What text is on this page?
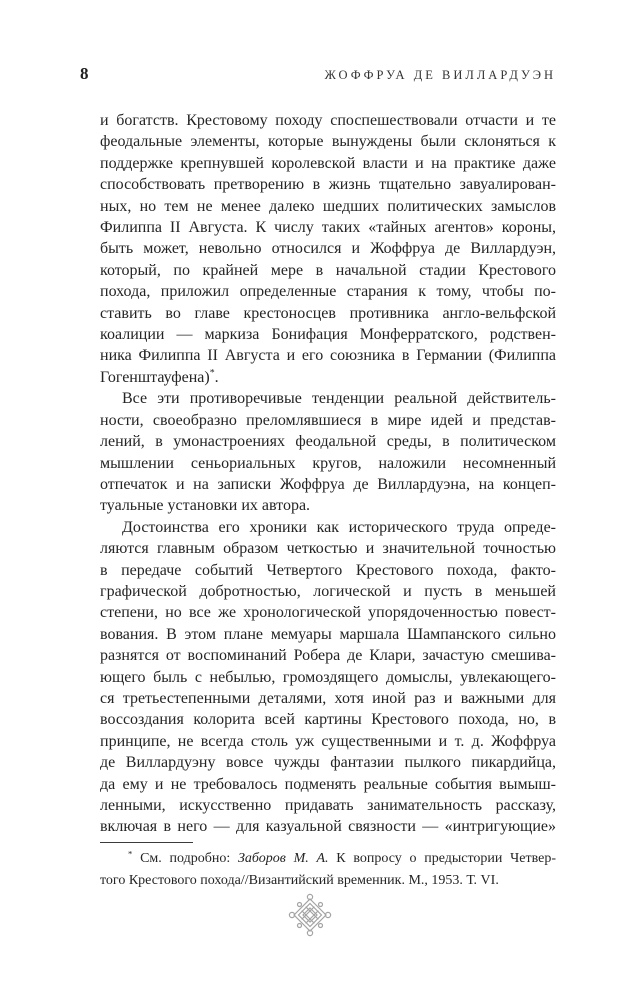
8	ЖОФФРУА ДЕ ВИЛЛАРДУЭН
и богатств. Крестовому походу споспешествовали отчасти и те
феодальные элементы, которые вынуждены были склоняться к
поддержке крепнувшей королевской власти и на практике даже
способствовать претворению в жизнь тщательно завуалирован-
ных, но тем не менее далеко шедших политических замыслов
Филиппа II Августа. К числу таких «тайных агентов» короны,
быть может, невольно относился и Жоффруа де Виллардуэн,
который, по крайней мере в начальной стадии Крестового
похода, приложил определенные старания к тому, чтобы по-
ставить во главе крестоносцев противника англо-вельфской
коалиции — маркиза Бонифация Монферратского, родствен-
ника Филиппа II Августа и его союзника в Германии (Филиппа
Гогенштауфена)*.
Все эти противоречивые тенденции реальной действитель-
ности, своеобразно преломлявшиеся в мире идей и представ-
лений, в умонастроениях феодальной среды, в политическом
мышлении сеньориальных кругов, наложили несомненный
отпечаток и на записки Жоффруа де Виллардуэна, на концеп-
туальные установки их автора.
Достоинства его хроники как исторического труда опреде-
ляются главным образом четкостью и значительной точностью
в передаче событий Четвертого Крестового похода, факто-
графической добротностью, логической и пусть в меньшей
степени, но все же хронологической упорядоченностью повест-
вования. В этом плане мемуары маршала Шампанского сильно
разнятся от воспоминаний Робера де Клари, зачастую смешива-
ющего быль с небылью, громоздящего домыслы, увлекающего-
ся третьестепенными деталями, хотя иной раз и важными для
воссоздания колорита всей картины Крестового похода, но, в
принципе, не всегда столь уж существенными и т. д. Жоффруа
де Виллардуэну вовсе чужды фантазии пылкого пикардийца,
да ему и не требовалось подменять реальные события вымыш-
ленными, искусственно придавать занимательность рассказу,
включая в него — для казуальной связности — «интригующие»
* См. подробно: Заборов М. А. К вопросу о предыстории Четвер-
того Крестового похода//Византийский временник. М., 1953. Т. VI.
